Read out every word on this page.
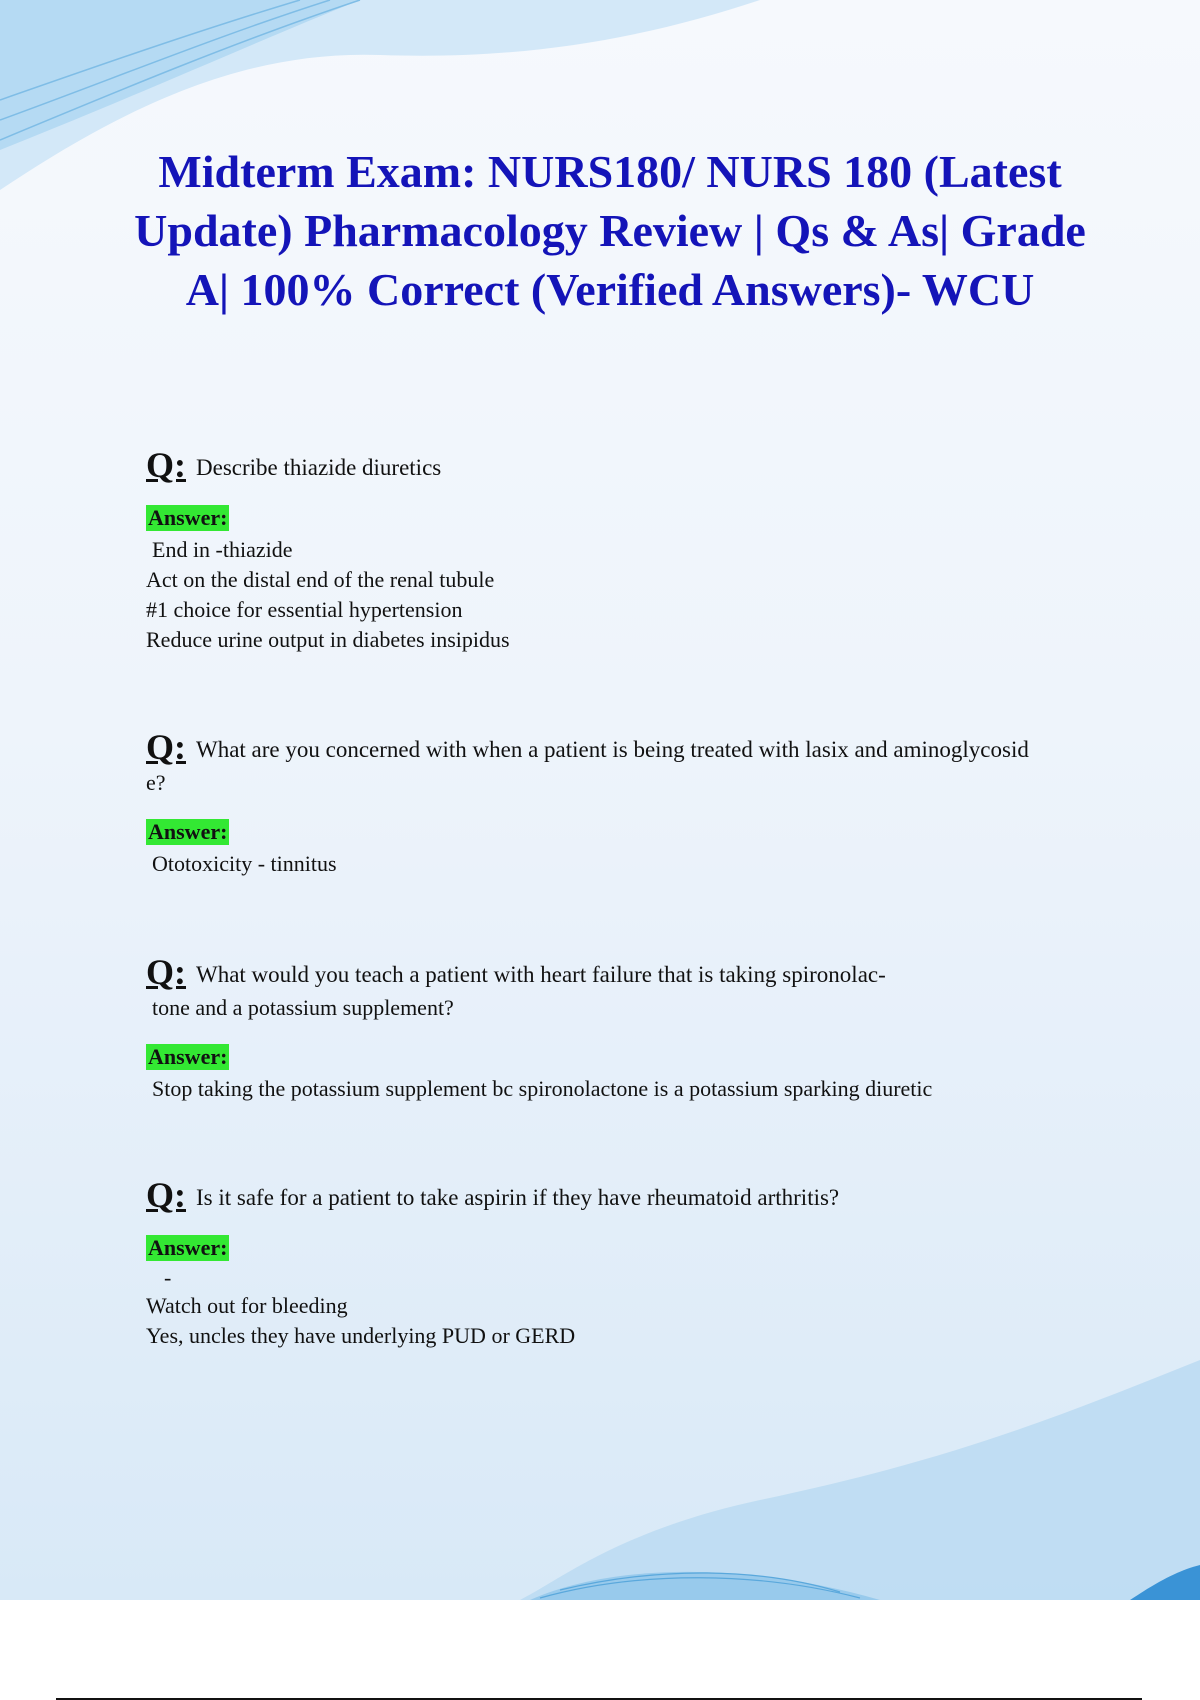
Midterm Exam: NURS180/ NURS 180 (Latest Update) Pharmacology Review | Qs & As| Grade A| 100% Correct (Verified Answers)- WCU
Q: Describe thiazide diuretics
Answer:
End in -thiazide
Act on the distal end of the renal tubule
#1 choice for essential hypertension
Reduce urine output in diabetes insipidus
Q: What are you concerned with when a patient is being treated with lasix and aminoglycosid
e?
Answer:
Ototoxicity - tinnitus
Q: What would you teach a patient with heart failure that is taking spironolac-
tone and a potassium supplement?
Answer:
Stop taking the potassium supplement bc spironolactone is a potassium sparking diuretic
Q: Is it safe for a patient to take aspirin if they have rheumatoid arthritis?
Answer:
-
Watch out for bleeding
Yes, uncles they have underlying PUD or GERD
